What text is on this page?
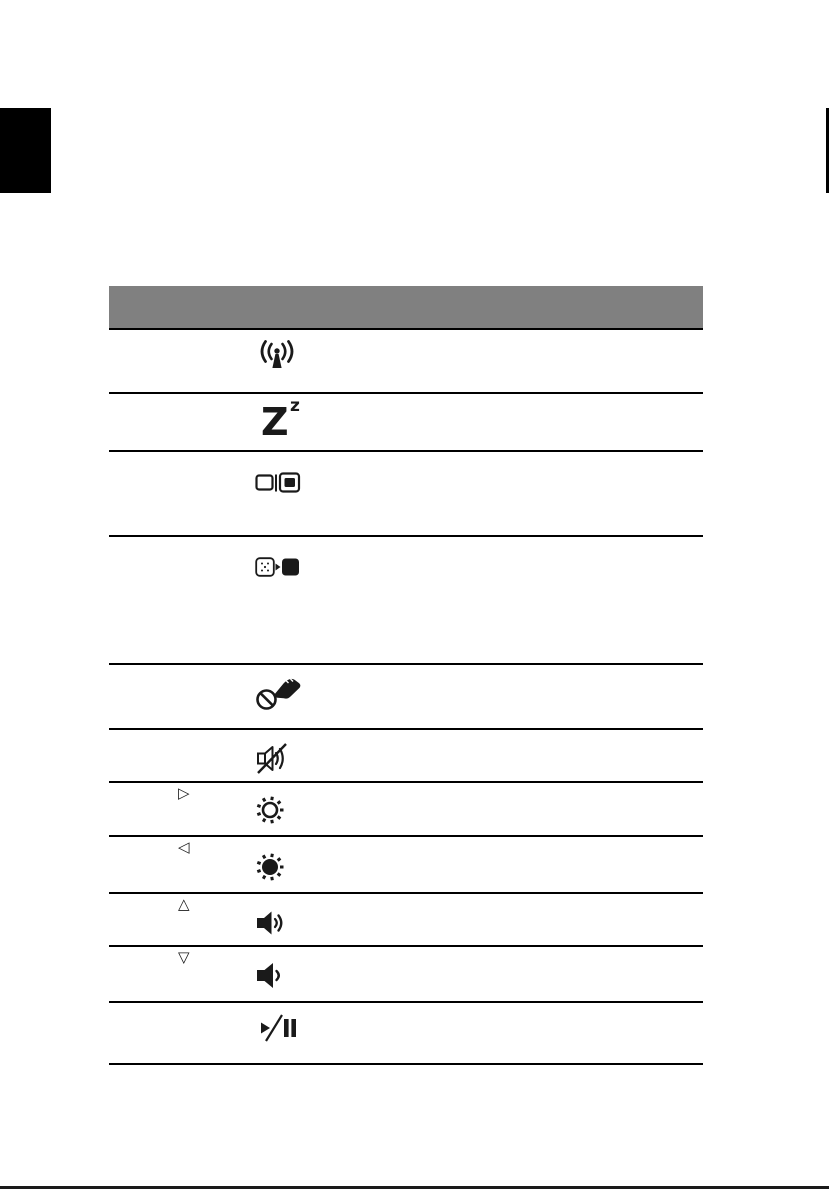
Z z
▷
◁
△
▽
